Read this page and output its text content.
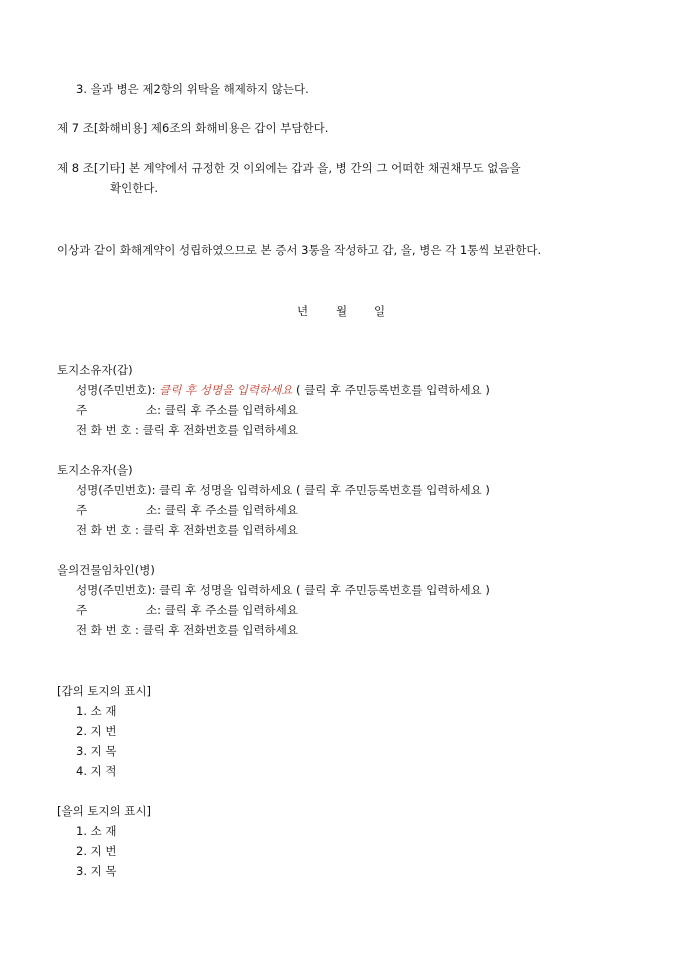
3. 을과 병은 제2항의 위탁을 해제하지 않는다.
제 7 조[화해비용] 제6조의 화해비용은 갑이 부담한다.
제 8 조[기타] 본 계약에서 규정한 것 이외에는 갑과 을, 병 간의 그 어떠한 채권채무도 없음을
확인한다.
이상과 같이 화해계약이 성립하였으므로 본 증서 3통을 작성하고 갑, 을, 병은 각 1통씩 보관한다.
년 월 일
토지소유자(갑)
성명(주민번호): 클릭 후 성명을 입력하세요 ( 클릭 후 주민등록번호를 입력하세요 )
주	소: 클릭 후 주소를 입력하세요
전 화 번 호 : 클릭 후 전화번호를 입력하세요
토지소유자(을)
성명(주민번호): 클릭 후 성명을 입력하세요 ( 클릭 후 주민등록번호를 입력하세요 )
주	소: 클릭 후 주소를 입력하세요
전 화 번 호 : 클릭 후 전화번호를 입력하세요
을의건물임차인(병)
성명(주민번호): 클릭 후 성명을 입력하세요 ( 클릭 후 주민등록번호를 입력하세요 )
주	소: 클릭 후 주소를 입력하세요
전 화 번 호 : 클릭 후 전화번호를 입력하세요
[갑의 토지의 표시]
1. 소 재
2. 지 번
3. 지 목
4. 지 적
[을의 토지의 표시]
1. 소 재
2. 지 번
3. 지 목
